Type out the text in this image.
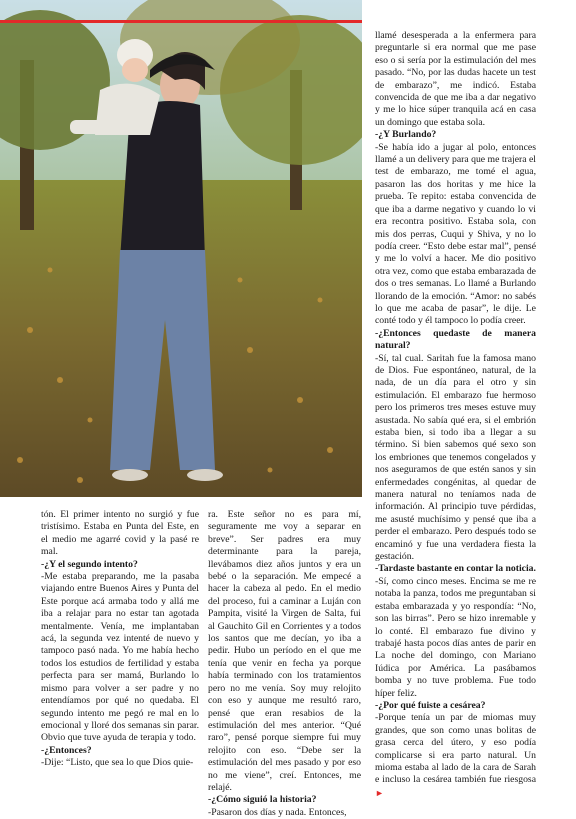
tón. El primer intento no surgió y fue tristísimo. Estaba en Punta del Este, en el medio me agarré covid y la pasé re mal.

-¿Y el segundo intento?

-Me estaba preparando, me la pasaba viajando entre Buenos Aires y Punta del Este porque acá armaba todo y allá me iba a relajar para no estar tan agotada mentalmente. Venía, me implantaban acá, la segunda vez intenté de nuevo y tampoco pasó nada. Yo me había hecho todos los estudios de fertilidad y estaba perfecta para ser mamá, Burlando lo mismo para volver a ser padre y no entendíamos por qué no quedaba. El segundo intento me pegó re mal en lo emocional y lloré dos semanas sin parar. Obvio que tuve ayuda de terapia y todo.

-¿Entonces?

-Dije: “Listo, que sea lo que Dios quie-

ra. Este señor no es para mí, seguramente me voy a separar en breve”. Ser padres era muy determinante para la pareja, llevábamos diez años juntos y era un bebé o la separación. Me empecé a hacer la cabeza al pedo. En el medio del proceso, fui a caminar a Luján con Pampita, visité la Virgen de Salta, fui al Gauchito Gil en Corrientes y a todos los santos que me decían, yo iba a pedir. Hubo un período en el que me tenía que venir en fecha ya porque había terminado con los tratamientos pero no me venía. Soy muy relojito con eso y aunque me resultó raro, pensé que eran resabios de la estimulación del mes anterior. “Qué raro”, pensé porque siempre fui muy relojito con eso. “Debe ser la estimulación del mes pasado y por eso no me viene”, creí. Entonces, me relajé.

-¿Cómo siguió la historia?

-Pasaron dos días y nada. Entonces,

llamé desesperada a la enfermera para preguntarle si era normal que me pase eso o si sería por la estimulación del mes pasado. “No, por las dudas hacete un test de embarazo”, me indicó. Estaba convencida de que me iba a dar negativo y me lo hice súper tranquila acá en casa un domingo que estaba sola.

-¿Y Burlando?

-Se había ido a jugar al polo, entonces llamé a un delivery para que me trajera el test de embarazo, me tomé el agua, pasaron las dos horitas y me hice la prueba. Te repito: estaba convencida de que iba a darme negativo y cuando lo vi era recontra positivo. Estaba sola, con mis dos perras, Cuqui y Shiva, y no lo podía creer. “Esto debe estar mal”, pensé y me lo volví a hacer. Me dio positivo otra vez, como que estaba embarazada de dos o tres semanas. Lo llamé a Burlando llorando de la emoción. “Amor: no sabés lo que me acaba de pasar”, le dije. Le conté todo y él tampoco lo podía creer.

-¿Entonces quedaste de manera natural?

-Sí, tal cual. Saritah fue la famosa mano de Dios. Fue espontáneo, natural, de la nada, de un día para el otro y sin estimulación. El embarazo fue hermoso pero los primeros tres meses estuve muy asustada. No sabía qué era, si el embrión estaba bien, si todo iba a llegar a su término. Si bien sabemos qué sexo son los embriones que tenemos congelados y nos aseguramos de que estén sanos y sin enfermedades congénitas, al quedar de manera natural no teníamos nada de información. Al principio tuve pérdidas, me asusté muchísimo y pensé que iba a perder el embarazo. Pero después todo se encaminó y fue una verdadera fiesta la gestación.

-Tardaste bastante en contar la noticia.

-Sí, como cinco meses. Encima se me re notaba la panza, todos me preguntaban si estaba embarazada y yo respondía: “No, son las birras”. Pero se hizo inremable y lo conté. El embarazo fue divino y trabajé hasta pocos días antes de parir en La noche del domingo, con Mariano Iúdica por América. La pasábamos bomba y no tuve problema. Fue todo híper feliz.

-¿Por qué fuiste a cesárea?

-Porque tenía un par de miomas muy grandes, que son como unas bolitas de grasa cerca del útero, y eso podía complicarse si era parto natural. Un mioma estaba al lado de la cara de Sarah e incluso la cesárea también fue riesgosa ►
